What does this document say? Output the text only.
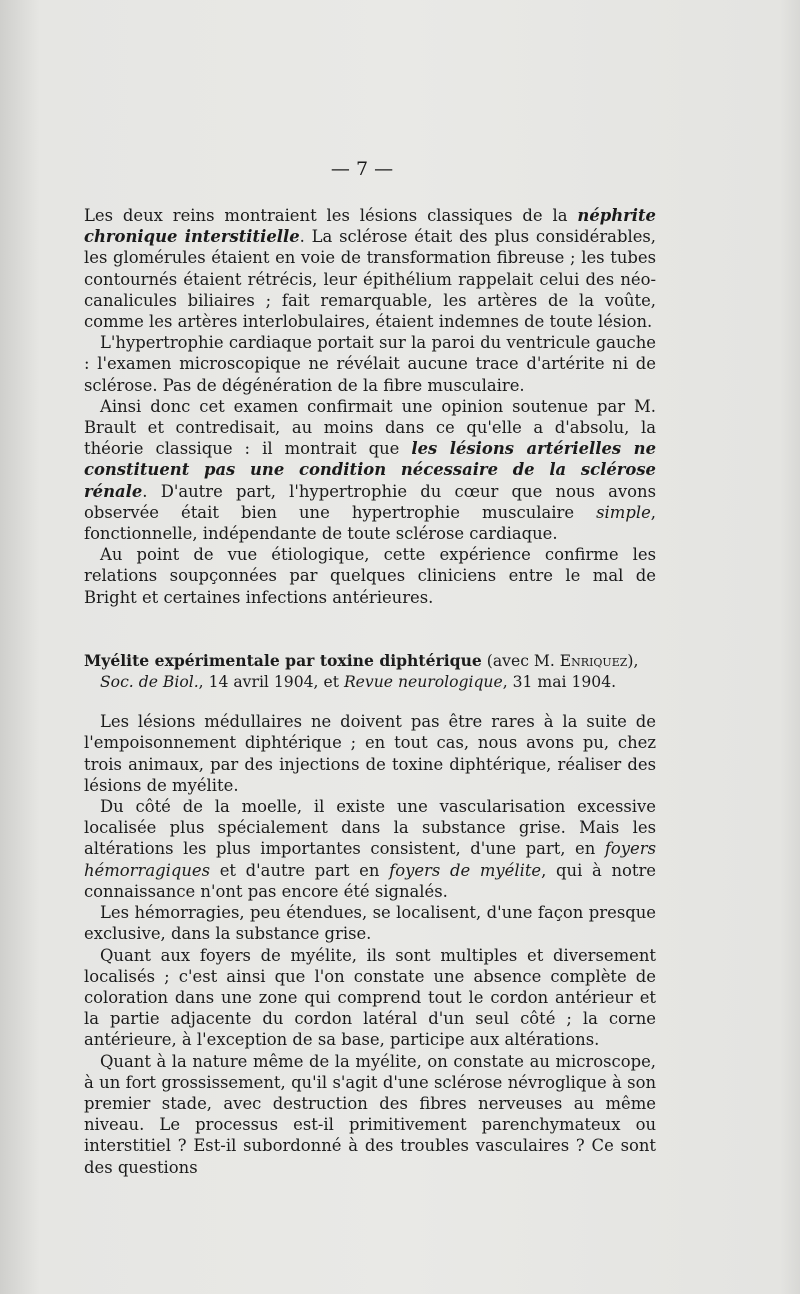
— 7 —

Les deux reins montraient les lésions classiques de la néphrite chronique interstitielle. La sclérose était des plus considérables, les glomérules étaient en voie de transformation fibreuse ; les tubes contournés étaient rétrécis, leur épithélium rappelait celui des néo-canalicules biliaires ; fait remarquable, les artères de la voûte, comme les artères interlobulaires, étaient indemnes de toute lésion.

L'hypertrophie cardiaque portait sur la paroi du ventricule gauche : l'examen microscopique ne révélait aucune trace d'artérite ni de sclérose. Pas de dégénération de la fibre musculaire.

Ainsi donc cet examen confirmait une opinion soutenue par M. Brault et contredisait, au moins dans ce qu'elle a d'absolu, la théorie classique : il montrait que les lésions artérielles ne constituent pas une condition nécessaire de la sclérose rénale. D'autre part, l'hypertrophie du cœur que nous avons observée était bien une hypertrophie musculaire simple, fonctionnelle, indépendante de toute sclérose cardiaque.

Au point de vue étiologique, cette expérience confirme les relations soupçonnées par quelques cliniciens entre le mal de Bright et certaines infections antérieures.

Myélite expérimentale par toxine diphtérique (avec M. Enriquez),
Soc. de Biol., 14 avril 1904, et Revue neurologique, 31 mai 1904.

Les lésions médullaires ne doivent pas être rares à la suite de l'empoisonnement diphtérique ; en tout cas, nous avons pu, chez trois animaux, par des injections de toxine diphtérique, réaliser des lésions de myélite.

Du côté de la moelle, il existe une vascularisation excessive localisée plus spécialement dans la substance grise. Mais les altérations les plus importantes consistent, d'une part, en foyers hémorragiques et d'autre part en foyers de myélite, qui à notre connaissance n'ont pas encore été signalés.

Les hémorragies, peu étendues, se localisent, d'une façon presque exclusive, dans la substance grise.

Quant aux foyers de myélite, ils sont multiples et diversement localisés ; c'est ainsi que l'on constate une absence complète de coloration dans une zone qui comprend tout le cordon antérieur et la partie adjacente du cordon latéral d'un seul côté ; la corne antérieure, à l'exception de sa base, participe aux altérations.

Quant à la nature même de la myélite, on constate au microscope, à un fort grossissement, qu'il s'agit d'une sclérose névroglique à son premier stade, avec destruction des fibres nerveuses au même niveau. Le processus est-il primitivement parenchymateux ou interstitiel ? Est-il subordonné à des troubles vasculaires ? Ce sont des questions
